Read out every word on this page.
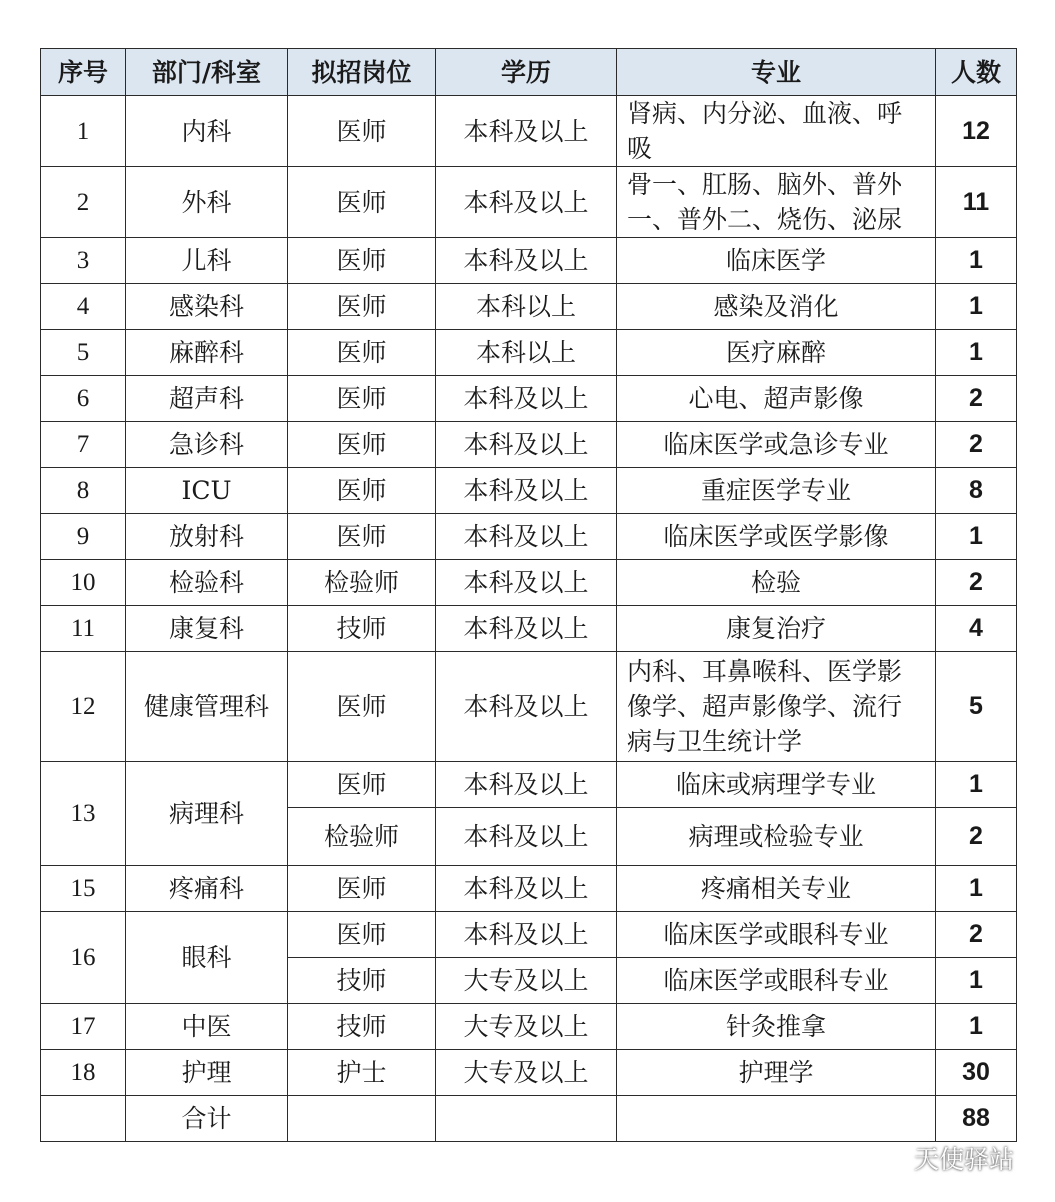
序号	部门/科室	拟招岗位	学历	专业	人数
1	内科	医师	本科及以上	肾病、内分泌、血液、呼吸	12
2	外科	医师	本科及以上	骨一、肛肠、脑外、普外一、普外二、烧伤、泌尿	11
3	儿科	医师	本科及以上	临床医学	1
4	感染科	医师	本科以上	感染及消化	1
5	麻醉科	医师	本科以上	医疗麻醉	1
6	超声科	医师	本科及以上	心电、超声影像	2
7	急诊科	医师	本科及以上	临床医学或急诊专业	2
8	ICU	医师	本科及以上	重症医学专业	8
9	放射科	医师	本科及以上	临床医学或医学影像	1
10	检验科	检验师	本科及以上	检验	2
11	康复科	技师	本科及以上	康复治疗	4
12	健康管理科	医师	本科及以上	内科、耳鼻喉科、医学影像学、超声影像学、流行病与卫生统计学	5
13	病理科	医师	本科及以上	临床或病理学专业	1
		检验师	本科及以上	病理或检验专业	2
15	疼痛科	医师	本科及以上	疼痛相关专业	1
16	眼科	医师	本科及以上	临床医学或眼科专业	2
		技师	大专及以上	临床医学或眼科专业	1
17	中医	技师	大专及以上	针灸推拿	1
18	护理	护士	大专及以上	护理学	30
	合计				88
天使驿站
